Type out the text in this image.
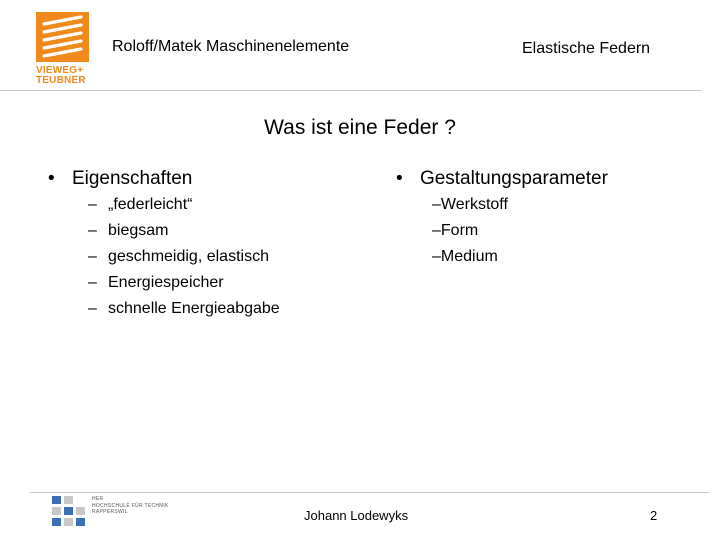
VIEWEG+
TEUBNER
Roloff/Matek Maschinenelemente	Elastische Federn
Was ist eine Feder ?
• Eigenschaften
– „federleicht“
– biegsam
– geschmeidig, elastisch
– Energiespeicher
– schnelle Energieabgabe
• Gestaltungsparameter
–Werkstoff
–Form
–Medium
HER
HOCHSCHULE FÜR TECHNIK
RAPPERSWIL	Johann Lodewyks	2
